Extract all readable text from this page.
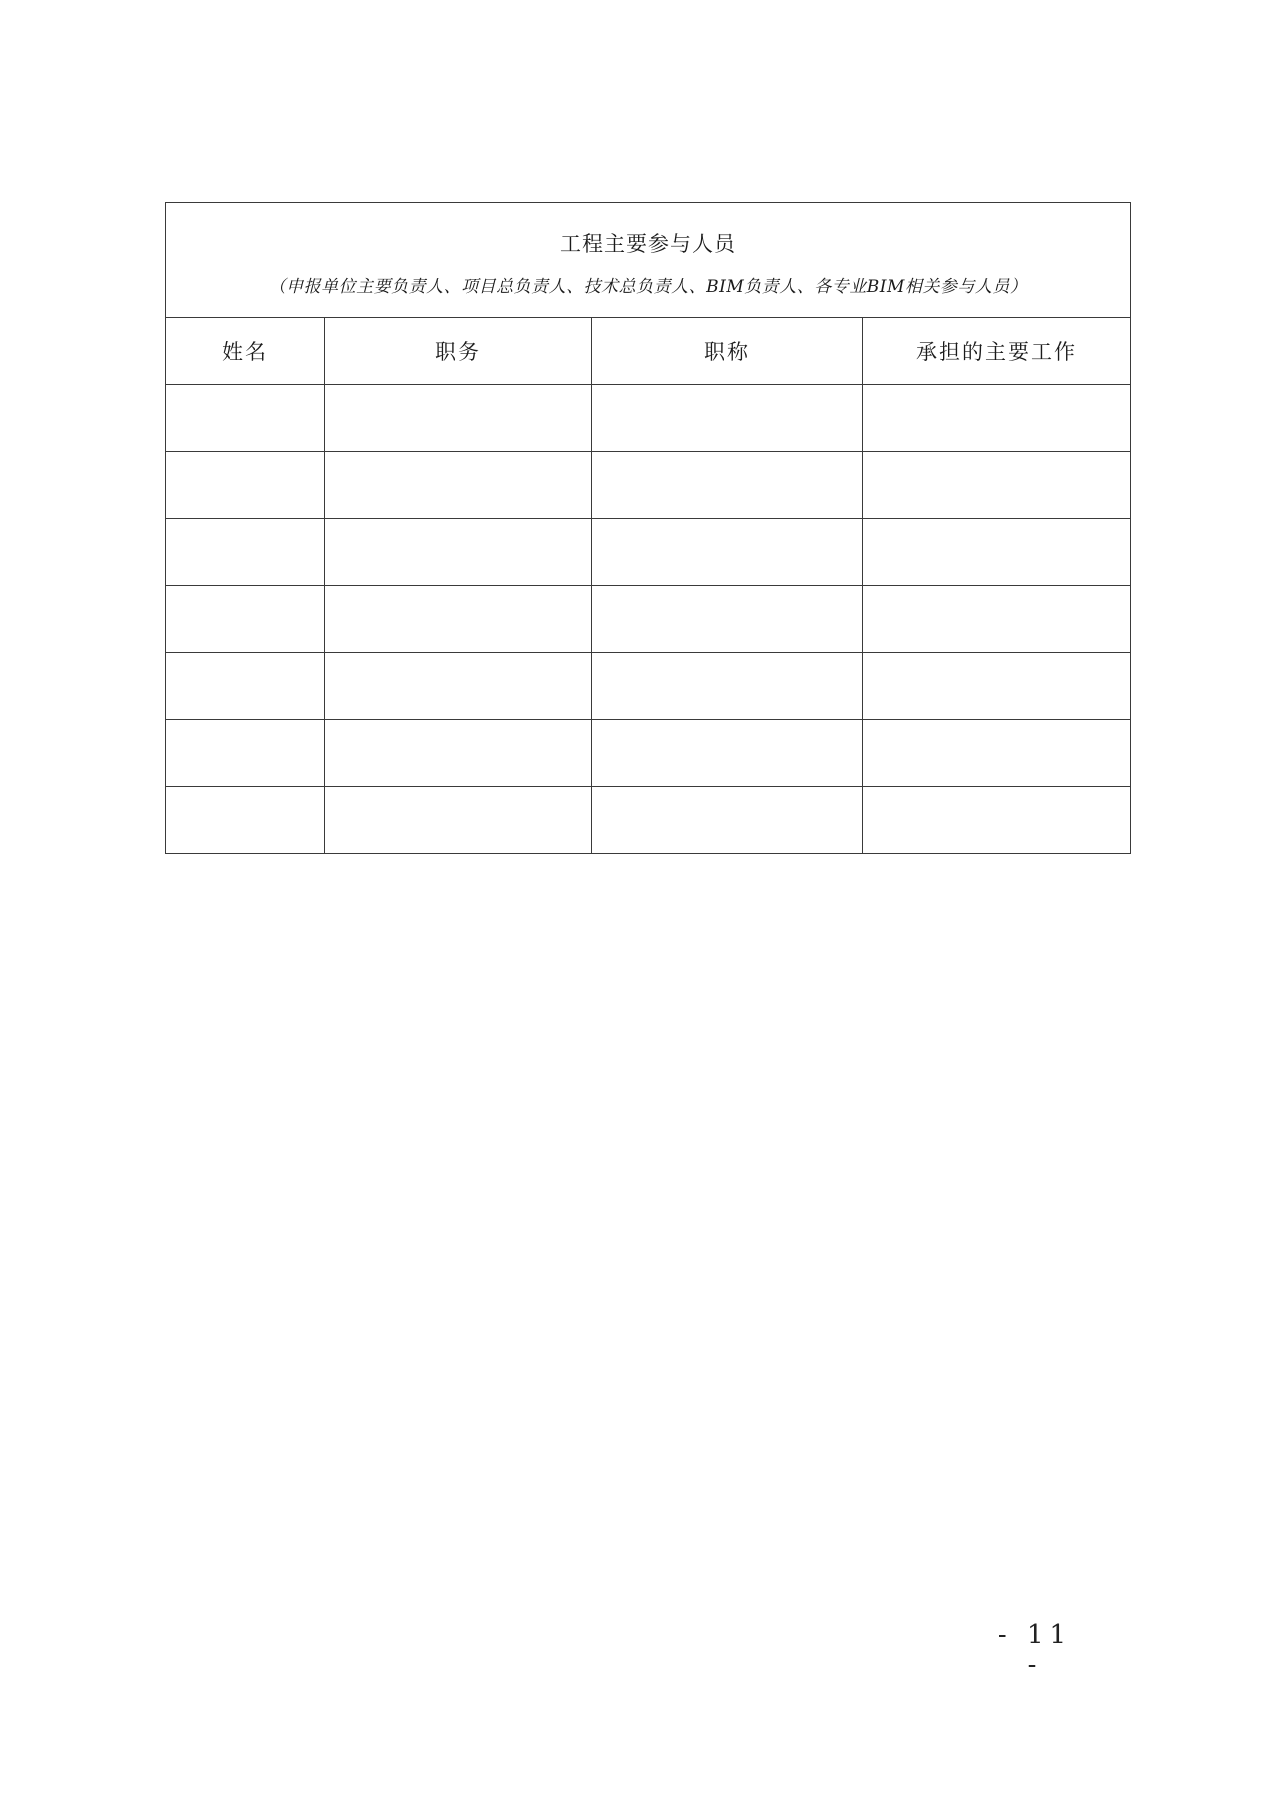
工程主要参与人员
（申报单位主要负责人、项目总负责人、技术总负责人、BIM负责人、各专业BIM相关参与人员）			

姓名	职务	职称	承担的主要工作

- 11 -
